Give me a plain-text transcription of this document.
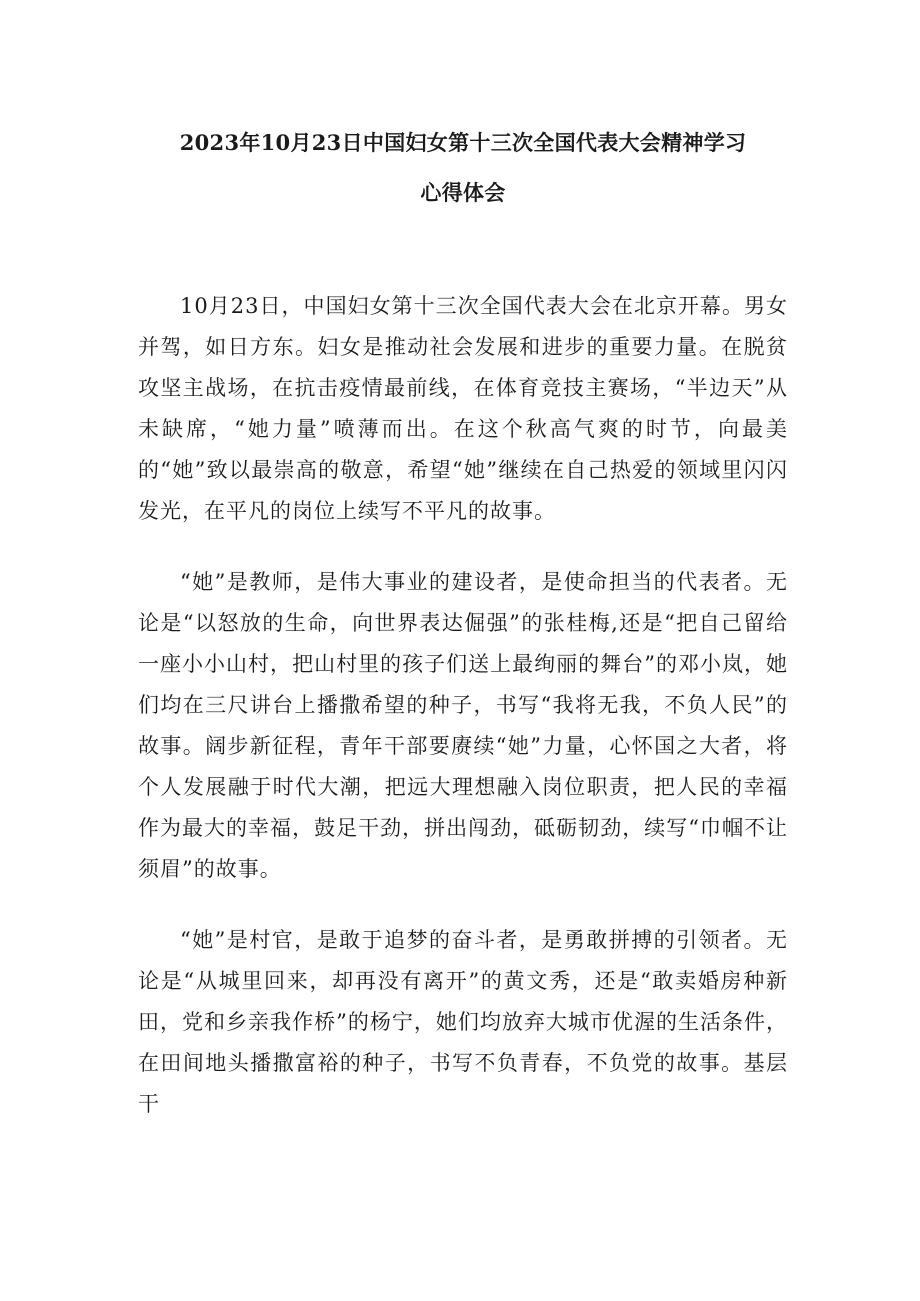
2023年10月23日中国妇女第十三次全国代表大会精神学习
心得体会

10月23日，中国妇女第十三次全国代表大会在北京开幕。男女并驾，如日方东。妇女是推动社会发展和进步的重要力量。在脱贫攻坚主战场，在抗击疫情最前线，在体育竞技主赛场，“半边天”从未缺席，“她力量”喷薄而出。在这个秋高气爽的时节，向最美的“她”致以最崇高的敬意，希望“她”继续在自己热爱的领域里闪闪发光，在平凡的岗位上续写不平凡的故事。

“她”是教师，是伟大事业的建设者，是使命担当的代表者。无论是“以怒放的生命，向世界表达倔强”的张桂梅,还是“把自己留给一座小小山村，把山村里的孩子们送上最绚丽的舞台”的邓小岚，她们均在三尺讲台上播撒希望的种子，书写“我将无我，不负人民”的故事。阔步新征程，青年干部要赓续“她”力量，心怀国之大者，将个人发展融于时代大潮，把远大理想融入岗位职责，把人民的幸福作为最大的幸福，鼓足干劲，拼出闯劲，砥砺韧劲，续写“巾帼不让须眉”的故事。

“她”是村官，是敢于追梦的奋斗者，是勇敢拼搏的引领者。无论是“从城里回来，却再没有离开”的黄文秀，还是“敢卖婚房种新田，党和乡亲我作桥”的杨宁，她们均放弃大城市优渥的生活条件，在田间地头播撒富裕的种子，书写不负青春，不负党的故事。基层干
